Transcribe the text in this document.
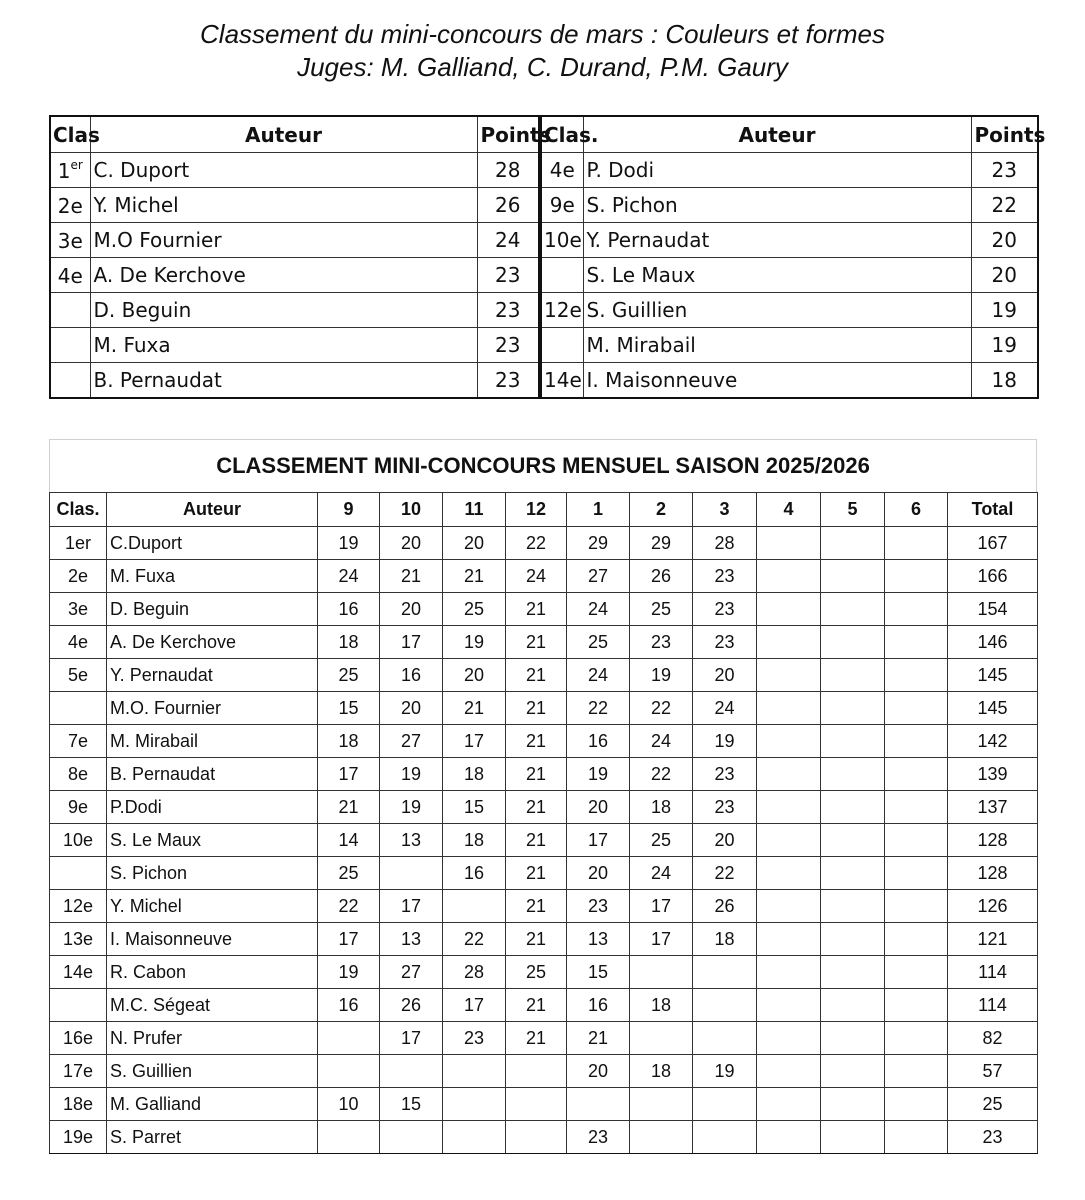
Classement du mini-concours de mars : Couleurs et formes
Juges: M. Galliand, C. Durand, P.M. Gaury
Clas	Auteur	Points	Clas.	Auteur	Points
1er	C. Duport	28	4e	P. Dodi	23
2e	Y. Michel	26	9e	S. Pichon	22
3e	M.O Fournier	24	10e	Y. Pernaudat	20
4e	A. De Kerchove	23		S. Le Maux	20
	D. Beguin	23	12e	S. Guillien	19
	M. Fuxa	23		M. Mirabail	19
	B. Pernaudat	23	14e	I. Maisonneuve	18
CLASSEMENT MINI-CONCOURS MENSUEL SAISON 2025/2026
Clas.	Auteur	9	10	11	12	1	2	3	4	5	6	Total
1er	C.Duport	19	20	20	22	29	29	28				167
2e	M. Fuxa	24	21	21	24	27	26	23				166
3e	D. Beguin	16	20	25	21	24	25	23				154
4e	A. De Kerchove	18	17	19	21	25	23	23				146
5e	Y. Pernaudat	25	16	20	21	24	19	20				145
	M.O. Fournier	15	20	21	21	22	22	24				145
7e	M. Mirabail	18	27	17	21	16	24	19				142
8e	B. Pernaudat	17	19	18	21	19	22	23				139
9e	P.Dodi	21	19	15	21	20	18	23				137
10e	S. Le Maux	14	13	18	21	17	25	20				128
	S. Pichon	25		16	21	20	24	22				128
12e	Y. Michel	22	17		21	23	17	26				126
13e	I. Maisonneuve	17	13	22	21	13	17	18				121
14e	R. Cabon	19	27	28	25	15						114
	M.C. Ségeat	16	26	17	21	16	18					114
16e	N. Prufer		17	23	21	21						82
17e	S. Guillien					20	18	19				57
18e	M. Galliand	10	15									25
19e	S. Parret					23						23
